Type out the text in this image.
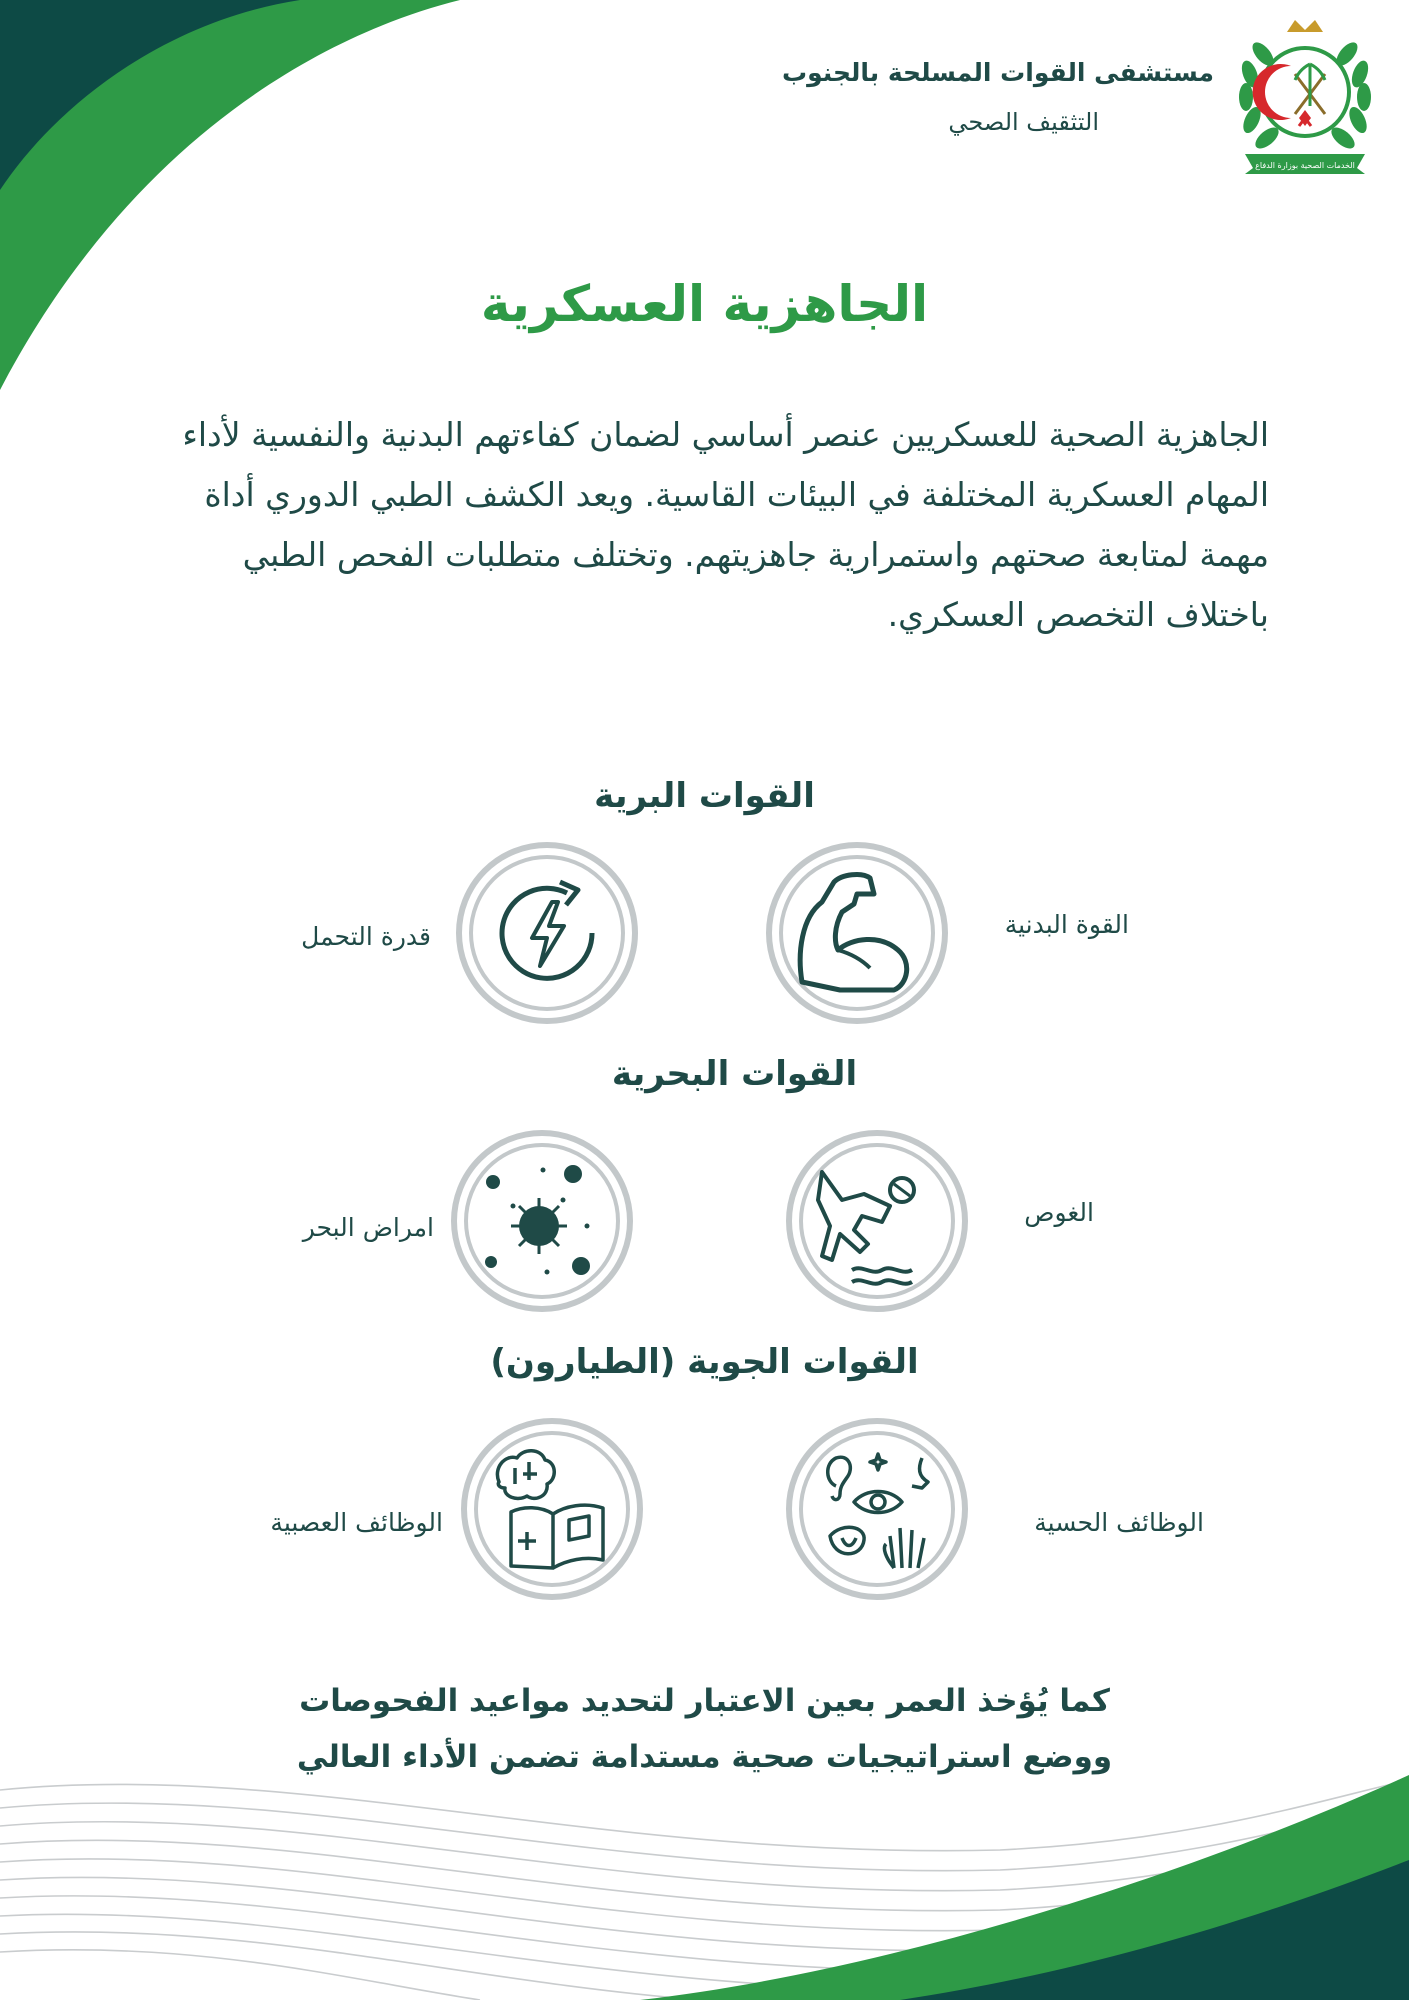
مستشفى القوات المسلحة بالجنوب
التثقيف الصحي
الخدمات الصحية بوزارة الدفاع
الجاهزية العسكرية
الجاهزية الصحية للعسكريين عنصر أساسي لضمان كفاءتهم البدنية والنفسية لأداء المهام العسكرية المختلفة في البيئات القاسية. ويعد الكشف الطبي الدوري أداة مهمة لمتابعة صحتهم واستمرارية جاهزيتهم. وتختلف متطلبات الفحص الطبي باختلاف التخصص العسكري.
القوات البرية
القوة البدنية
قدرة التحمل
القوات البحرية
الغوص
امراض البحر
القوات الجوية (الطيارون)
الوظائف الحسية
الوظائف العصبية
كما يُؤخذ العمر بعين الاعتبار لتحديد مواعيد الفحوصات
ووضع استراتيجيات صحية مستدامة تضمن الأداء العالي
